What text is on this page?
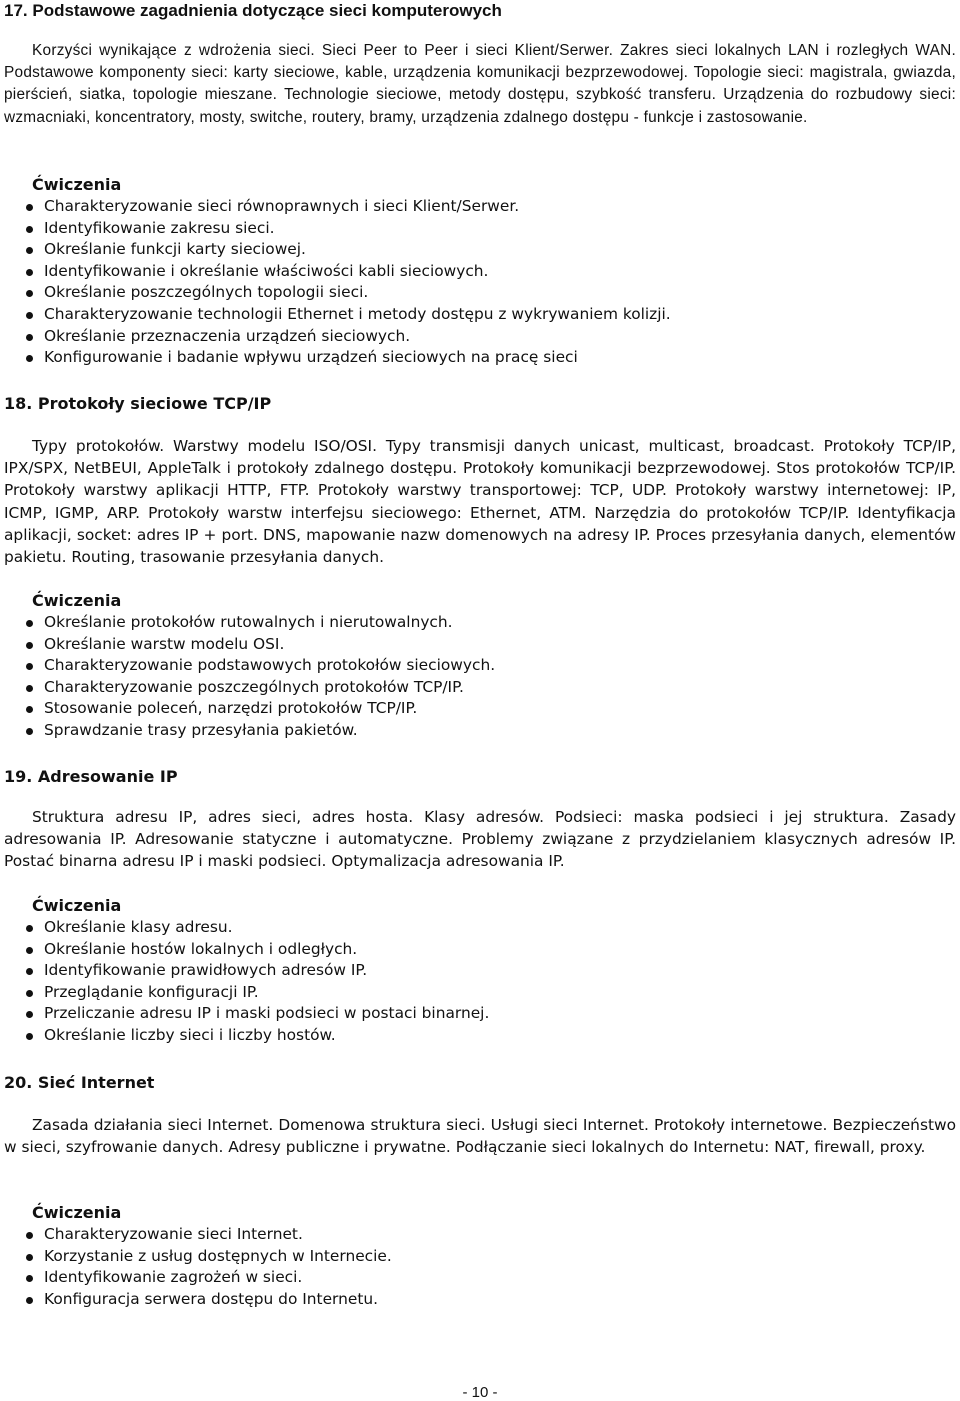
17. Podstawowe zagadnienia dotyczące sieci komputerowych

Korzyści wynikające z wdrożenia sieci. Sieci Peer to Peer i sieci Klient/Serwer. Zakres sieci lokalnych LAN i rozległych WAN. Podstawowe komponenty sieci: karty sieciowe, kable, urządzenia komunikacji bezprzewodowej. Topologie sieci: magistrala, gwiazda, pierścień, siatka, topologie mieszane. Technologie sieciowe, metody dostępu, szybkość transferu. Urządzenia do rozbudowy sieci: wzmacniaki, koncentratory, mosty, switche, routery, bramy, urządzenia zdalnego dostępu - funkcje i zastosowanie.

Ćwiczenia

Charakteryzowanie sieci równoprawnych i sieci Klient/Serwer.
Identyfikowanie zakresu sieci.
Określanie funkcji karty sieciowej.
Identyfikowanie i określanie właściwości kabli sieciowych.
Określanie poszczególnych topologii sieci.
Charakteryzowanie technologii Ethernet i metody dostępu z wykrywaniem kolizji.
Określanie przeznaczenia urządzeń sieciowych.
Konfigurowanie i badanie wpływu urządzeń sieciowych na pracę sieci
18. Protokoły sieciowe TCP/IP

Typy protokołów. Warstwy modelu ISO/OSI. Typy transmisji danych unicast, multicast, broadcast. Protokoły TCP/IP, IPX/SPX, NetBEUI, AppleTalk i protokoły zdalnego dostępu. Protokoły komunikacji bezprzewodowej. Stos protokołów TCP/IP. Protokoły warstwy aplikacji HTTP, FTP. Protokoły warstwy transportowej: TCP, UDP. Protokoły warstwy internetowej: IP, ICMP, IGMP, ARP. Protokoły warstw interfejsu sieciowego: Ethernet, ATM. Narzędzia do protokołów TCP/IP. Identyfikacja aplikacji, socket: adres IP + port. DNS, mapowanie nazw domenowych na adresy IP. Proces przesyłania danych, elementów pakietu. Routing, trasowanie przesyłania danych.

Ćwiczenia

Określanie protokołów rutowalnych i nierutowalnych.
Określanie warstw modelu OSI.
Charakteryzowanie podstawowych protokołów sieciowych.
Charakteryzowanie poszczególnych protokołów TCP/IP.
Stosowanie poleceń, narzędzi protokołów TCP/IP.
Sprawdzanie trasy przesyłania pakietów.
19. Adresowanie IP

Struktura adresu IP, adres sieci, adres hosta. Klasy adresów. Podsieci: maska podsieci i jej struktura. Zasady adresowania IP. Adresowanie statyczne i automatyczne. Problemy związane z przydzielaniem klasycznych adresów IP. Postać binarna adresu IP i maski podsieci. Optymalizacja adresowania IP.

Ćwiczenia

Określanie klasy adresu.
Określanie hostów lokalnych i odległych.
Identyfikowanie prawidłowych adresów IP.
Przeglądanie konfiguracji IP.
Przeliczanie adresu IP i maski podsieci w postaci binarnej.
Określanie liczby sieci i liczby hostów.
20. Sieć Internet

Zasada działania sieci Internet. Domenowa struktura sieci. Usługi sieci Internet. Protokoły internetowe. Bezpieczeństwo w sieci, szyfrowanie danych. Adresy publiczne i prywatne. Podłączanie sieci lokalnych do Internetu: NAT, firewall, proxy.

Ćwiczenia

Charakteryzowanie sieci Internet.
Korzystanie z usług dostępnych w Internecie.
Identyfikowanie zagrożeń w sieci.
Konfiguracja serwera dostępu do Internetu.
- 10 -
